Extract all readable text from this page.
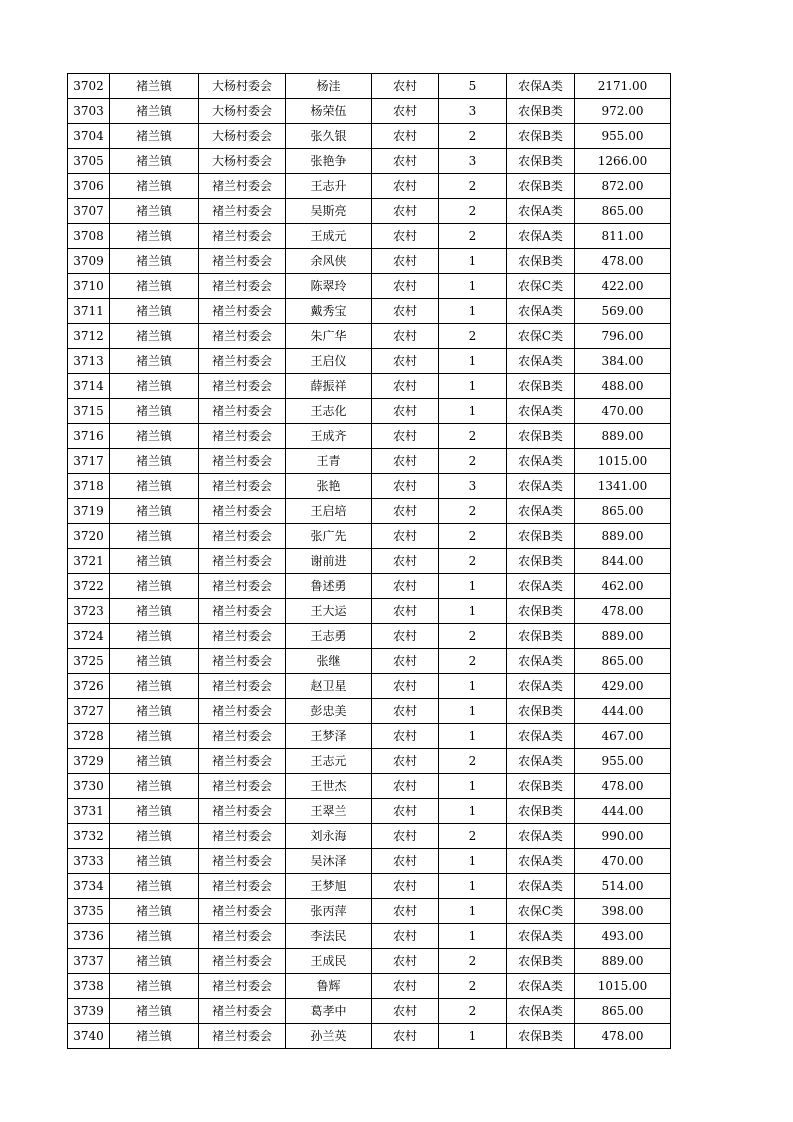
3702	褚兰镇	大杨村委会	杨洼	农村	5	农保A类	2171.00
3703	褚兰镇	大杨村委会	杨荣伍	农村	3	农保B类	972.00
3704	褚兰镇	大杨村委会	张久银	农村	2	农保B类	955.00
3705	褚兰镇	大杨村委会	张艳争	农村	3	农保B类	1266.00
3706	褚兰镇	褚兰村委会	王志升	农村	2	农保B类	872.00
3707	褚兰镇	褚兰村委会	吴斯亮	农村	2	农保A类	865.00
3708	褚兰镇	褚兰村委会	王成元	农村	2	农保A类	811.00
3709	褚兰镇	褚兰村委会	余风侠	农村	1	农保B类	478.00
3710	褚兰镇	褚兰村委会	陈翠玲	农村	1	农保C类	422.00
3711	褚兰镇	褚兰村委会	戴秀宝	农村	1	农保A类	569.00
3712	褚兰镇	褚兰村委会	朱广华	农村	2	农保C类	796.00
3713	褚兰镇	褚兰村委会	王启仪	农村	1	农保A类	384.00
3714	褚兰镇	褚兰村委会	薛振祥	农村	1	农保B类	488.00
3715	褚兰镇	褚兰村委会	王志化	农村	1	农保A类	470.00
3716	褚兰镇	褚兰村委会	王成齐	农村	2	农保B类	889.00
3717	褚兰镇	褚兰村委会	王青	农村	2	农保A类	1015.00
3718	褚兰镇	褚兰村委会	张艳	农村	3	农保A类	1341.00
3719	褚兰镇	褚兰村委会	王启培	农村	2	农保A类	865.00
3720	褚兰镇	褚兰村委会	张广先	农村	2	农保B类	889.00
3721	褚兰镇	褚兰村委会	谢前进	农村	2	农保B类	844.00
3722	褚兰镇	褚兰村委会	鲁述勇	农村	1	农保A类	462.00
3723	褚兰镇	褚兰村委会	王大运	农村	1	农保B类	478.00
3724	褚兰镇	褚兰村委会	王志勇	农村	2	农保B类	889.00
3725	褚兰镇	褚兰村委会	张继	农村	2	农保A类	865.00
3726	褚兰镇	褚兰村委会	赵卫星	农村	1	农保A类	429.00
3727	褚兰镇	褚兰村委会	彭忠美	农村	1	农保B类	444.00
3728	褚兰镇	褚兰村委会	王梦泽	农村	1	农保A类	467.00
3729	褚兰镇	褚兰村委会	王志元	农村	2	农保A类	955.00
3730	褚兰镇	褚兰村委会	王世杰	农村	1	农保B类	478.00
3731	褚兰镇	褚兰村委会	王翠兰	农村	1	农保B类	444.00
3732	褚兰镇	褚兰村委会	刘永海	农村	2	农保A类	990.00
3733	褚兰镇	褚兰村委会	吴沐泽	农村	1	农保A类	470.00
3734	褚兰镇	褚兰村委会	王梦旭	农村	1	农保A类	514.00
3735	褚兰镇	褚兰村委会	张丙萍	农村	1	农保C类	398.00
3736	褚兰镇	褚兰村委会	李法民	农村	1	农保A类	493.00
3737	褚兰镇	褚兰村委会	王成民	农村	2	农保B类	889.00
3738	褚兰镇	褚兰村委会	鲁辉	农村	2	农保A类	1015.00
3739	褚兰镇	褚兰村委会	葛孝中	农村	2	农保A类	865.00
3740	褚兰镇	褚兰村委会	孙兰英	农村	1	农保B类	478.00
